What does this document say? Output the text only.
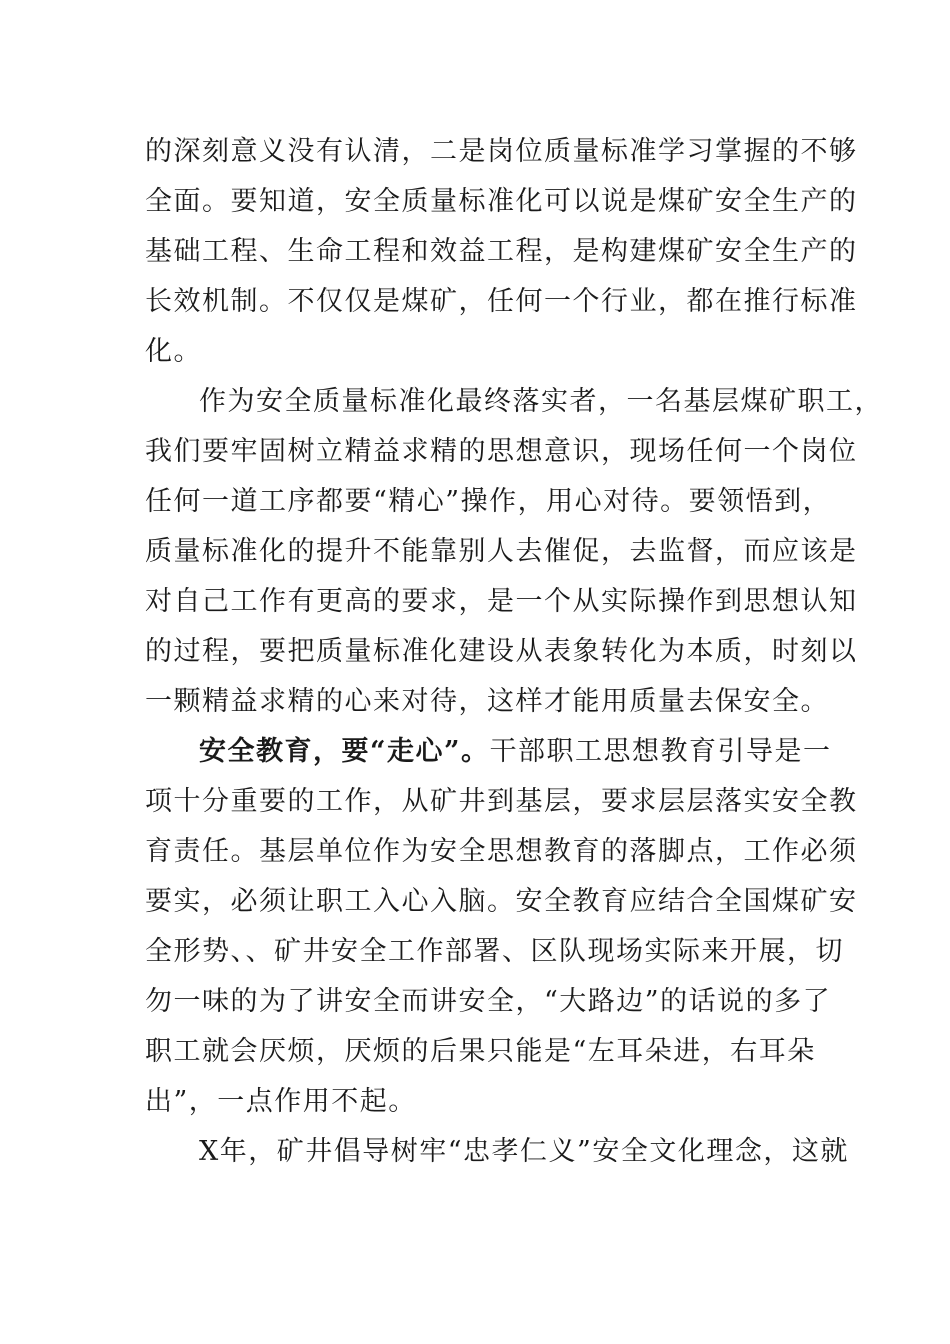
的深刻意义没有认清，二是岗位质量标准学习掌握的不够
全面。要知道，安全质量标准化可以说是煤矿安全生产的
基础工程、生命工程和效益工程，是构建煤矿安全生产的
长效机制。不仅仅是煤矿，任何一个行业，都在推行标准
化。
作为安全质量标准化最终落实者，一名基层煤矿职工，
我们要牢固树立精益求精的思想意识，现场任何一个岗位
任何一道工序都要“精心”操作，用心对待。要领悟到，
质量标准化的提升不能靠别人去催促，去监督，而应该是
对自己工作有更高的要求，是一个从实际操作到思想认知
的过程，要把质量标准化建设从表象转化为本质，时刻以
一颗精益求精的心来对待，这样才能用质量去保安全。
安全教育，要“走心”。干部职工思想教育引导是一
项十分重要的工作，从矿井到基层，要求层层落实安全教
育责任。基层单位作为安全思想教育的落脚点，工作必须
要实，必须让职工入心入脑。安全教育应结合全国煤矿安
全形势、、矿井安全工作部署、区队现场实际来开展，切
勿一味的为了讲安全而讲安全，“大路边”的话说的多了
职工就会厌烦，厌烦的后果只能是“左耳朵进，右耳朵
出”，一点作用不起。
X年，矿井倡导树牢“忠孝仁义”安全文化理念，这就
